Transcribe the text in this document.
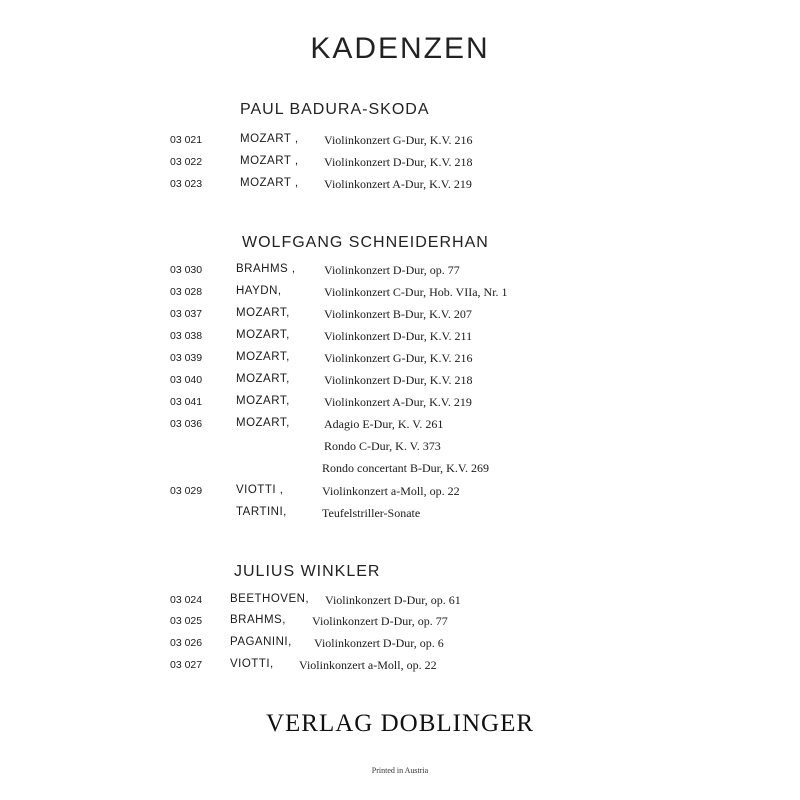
KADENZEN
PAUL BADURA-SKODA
03 021	MOZART , Violinkonzert G-Dur, K.V. 216
03 022	MOZART , Violinkonzert D-Dur, K.V. 218
03 023	MOZART , Violinkonzert A-Dur, K.V. 219
WOLFGANG SCHNEIDERHAN
03 030	BRAHMS , Violinkonzert D-Dur, op. 77
03 028	HAYDN,	Violinkonzert C-Dur, Hob. VIIa, Nr. 1
03 037	MOZART,	Violinkonzert B-Dur, K.V. 207
03 038	MOZART,	Violinkonzert D-Dur, K.V. 211
03 039	MOZART,	Violinkonzert G-Dur, K.V. 216
03 040	MOZART,	Violinkonzert D-Dur, K.V. 218
03 041	MOZART,	Violinkonzert A-Dur, K.V. 219
03 036	MOZART,	Adagio E-Dur, K. V. 261
Rondo C-Dur, K. V. 373
Rondo concertant B-Dur, K.V. 269
03 029	VIOTTI ,	Violinkonzert a-Moll, op. 22
TARTINI,	Teufelstriller-Sonate
JULIUS WINKLER
03 024 BEETHOVEN, Violinkonzert D-Dur, op. 61
03 025 BRAHMS, Violinkonzert D-Dur, op. 77
03 026 PAGANINI, Violinkonzert D-Dur, op. 6
03 027 VIOTTI, Violinkonzert a-Moll, op. 22
VERLAG DOBLINGER
Printed in Austria
